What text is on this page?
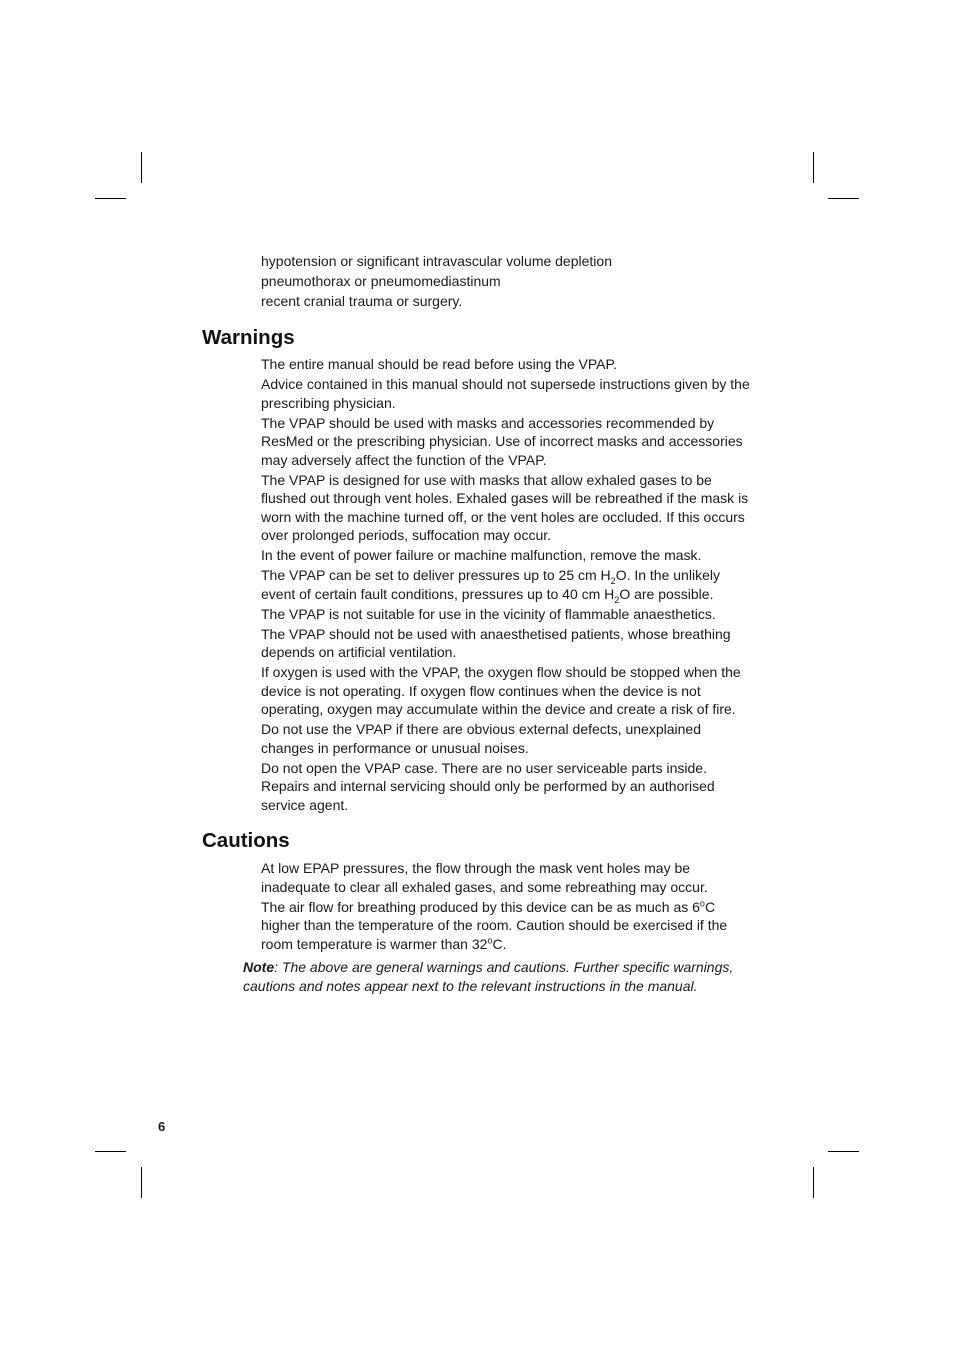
hypotension or significant intravascular volume depletion
pneumothorax or pneumomediastinum
recent cranial trauma or surgery.
Warnings
The entire manual should be read before using the VPAP.
Advice contained in this manual should not supersede instructions given by the prescribing physician.
The VPAP should be used with masks and accessories recommended by ResMed or the prescribing physician. Use of incorrect masks and accessories may adversely affect the function of the VPAP.
The VPAP is designed for use with masks that allow exhaled gases to be flushed out through vent holes. Exhaled gases will be rebreathed if the mask is worn with the machine turned off, or the vent holes are occluded. If this occurs over prolonged periods, suffocation may occur.
In the event of power failure or machine malfunction, remove the mask.
The VPAP can be set to deliver pressures up to 25 cm $H_2O$. In the unlikely event of certain fault conditions, pressures up to 40 cm $H_2O$ are possible.
The VPAP is not suitable for use in the vicinity of flammable anaesthetics.
The VPAP should not be used with anaesthetised patients, whose breathing depends on artificial ventilation.
If oxygen is used with the VPAP, the oxygen flow should be stopped when the device is not operating. If oxygen flow continues when the device is not operating, oxygen may accumulate within the device and create a risk of fire.
Do not use the VPAP if there are obvious external defects, unexplained changes in performance or unusual noises.
Do not open the VPAP case. There are no user serviceable parts inside. Repairs and internal servicing should only be performed by an authorised service agent.
Cautions
At low EPAP pressures, the flow through the mask vent holes may be inadequate to clear all exhaled gases, and some rebreathing may occur.
The air flow for breathing produced by this device can be as much as 6$^o$C higher than the temperature of the room. Caution should be exercised if the room temperature is warmer than 32$^o$C.

Note: The above are general warnings and cautions. Further specific warnings, cautions and notes appear next to the relevant instructions in the manual.

6
